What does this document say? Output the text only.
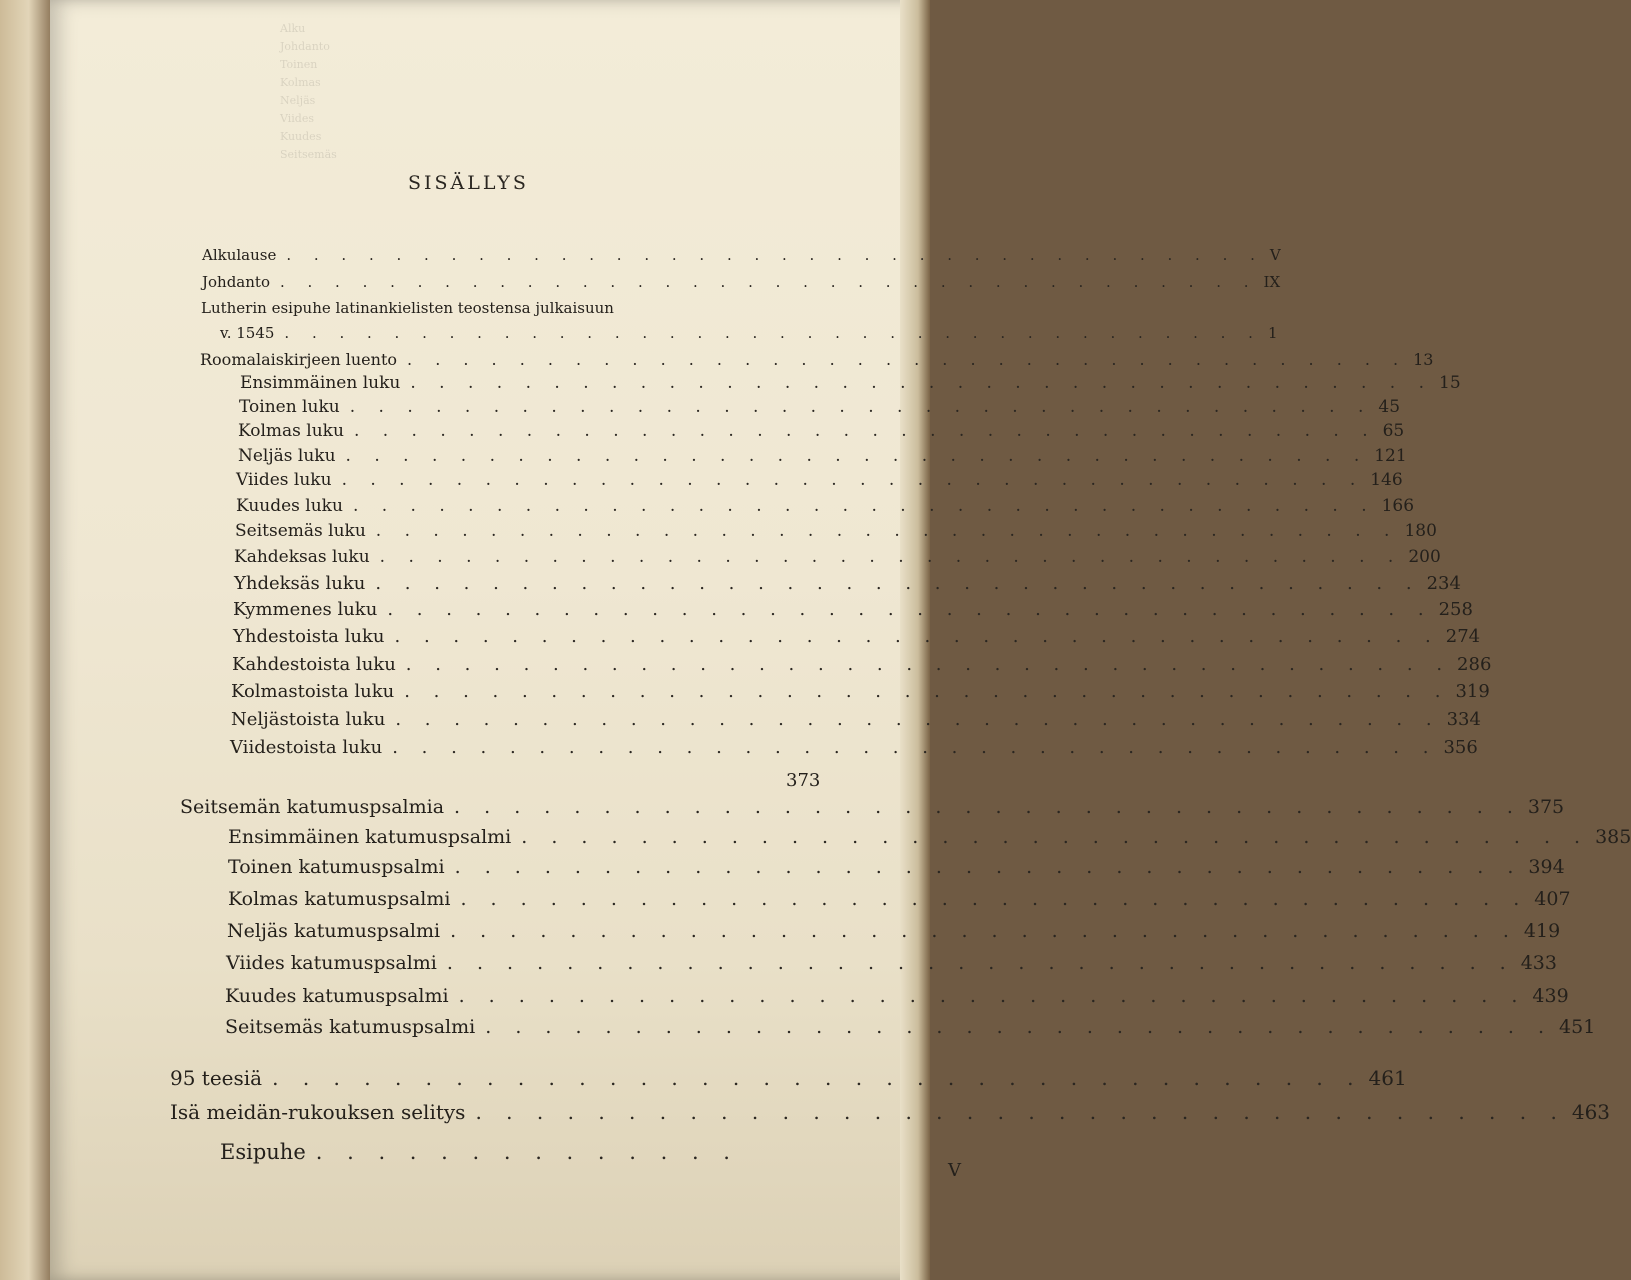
Alku
Johdanto
Toinen
Kolmas
Neljäs
Viides
Kuudes
Seitsemäs
SISÄLLYS
Alkulause . . . . . . . . . . . . . . . . . . . . . . . . . . . . . . . . . . . . V
Johdanto . . . . . . . . . . . . . . . . . . . . . . . . . . . . . . . . . . . . IX
Lutherin esipuhe latinankielisten teostensa julkaisuun
v. 1545 . . . . . . . . . . . . . . . . . . . . . . . . . . . . . . . . . . . . 1
Roomalaiskirjeen luento . . . . . . . . . . . . . . . . . . . . . . . . . . . . . . . . . . . . 13
Ensimmäinen luku . . . . . . . . . . . . . . . . . . . . . . . . . . . . . . . . . . . . 15
Toinen luku . . . . . . . . . . . . . . . . . . . . . . . . . . . . . . . . . . . . 45
Kolmas luku . . . . . . . . . . . . . . . . . . . . . . . . . . . . . . . . . . . . 65
Neljäs luku . . . . . . . . . . . . . . . . . . . . . . . . . . . . . . . . . . . . 121
Viides luku . . . . . . . . . . . . . . . . . . . . . . . . . . . . . . . . . . . . 146
Kuudes luku . . . . . . . . . . . . . . . . . . . . . . . . . . . . . . . . . . . . 166
Seitsemäs luku . . . . . . . . . . . . . . . . . . . . . . . . . . . . . . . . . . . . 180
Kahdeksas luku . . . . . . . . . . . . . . . . . . . . . . . . . . . . . . . . . . . . 200
Yhdeksäs luku . . . . . . . . . . . . . . . . . . . . . . . . . . . . . . . . . . . . 234
Kymmenes luku . . . . . . . . . . . . . . . . . . . . . . . . . . . . . . . . . . . . 258
Yhdestoista luku . . . . . . . . . . . . . . . . . . . . . . . . . . . . . . . . . . . . 274
Kahdestoista luku . . . . . . . . . . . . . . . . . . . . . . . . . . . . . . . . . . . . 286
Kolmastoista luku . . . . . . . . . . . . . . . . . . . . . . . . . . . . . . . . . . . . 319
Neljästoista luku . . . . . . . . . . . . . . . . . . . . . . . . . . . . . . . . . . . . 334
Viidestoista luku . . . . . . . . . . . . . . . . . . . . . . . . . . . . . . . . . . . . 356
373
Seitsemän katumuspsalmia . . . . . . . . . . . . . . . . . . . . . . . . . . . . . . . . . . . . 375
Ensimmäinen katumuspsalmi . . . . . . . . . . . . . . . . . . . . . . . . . . . . . . . . . . . . 385
Toinen katumuspsalmi . . . . . . . . . . . . . . . . . . . . . . . . . . . . . . . . . . . . 394
Kolmas katumuspsalmi . . . . . . . . . . . . . . . . . . . . . . . . . . . . . . . . . . . . 407
Neljäs katumuspsalmi . . . . . . . . . . . . . . . . . . . . . . . . . . . . . . . . . . . . 419
Viides katumuspsalmi . . . . . . . . . . . . . . . . . . . . . . . . . . . . . . . . . . . . 433
Kuudes katumuspsalmi . . . . . . . . . . . . . . . . . . . . . . . . . . . . . . . . . . . . 439
Seitsemäs katumuspsalmi . . . . . . . . . . . . . . . . . . . . . . . . . . . . . . . . . . . . 451
95 teesiä . . . . . . . . . . . . . . . . . . . . . . . . . . . . . . . . . . . . 461
Isä meidän-rukouksen selitys . . . . . . . . . . . . . . . . . . . . . . . . . . . . . . . . . . . . 463
Esipuhe . . . . . . . . . . . . . .
V
